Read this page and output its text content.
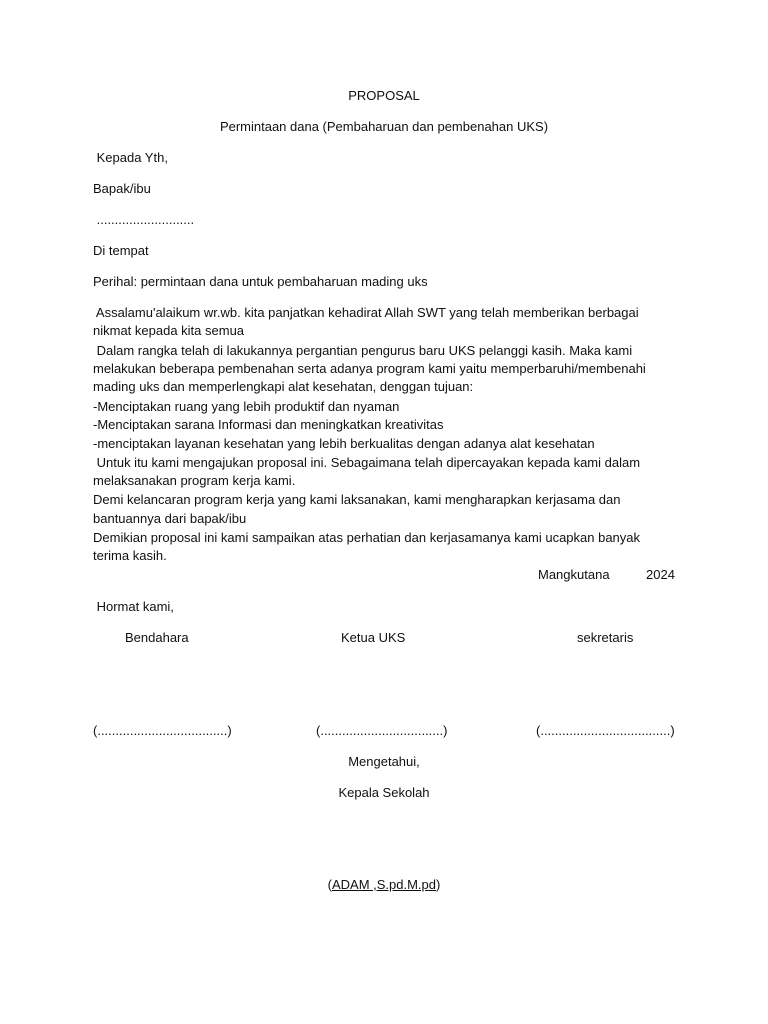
PROPOSAL
Permintaan dana (Pembaharuan dan pembenahan UKS)
Kepada Yth,
Bapak/ibu
...........................
Di tempat
Perihal: permintaan dana untuk pembaharuan mading uks
Assalamu'alaikum wr.wb. kita panjatkan kehadirat Allah SWT yang telah memberikan berbagai
nikmat kepada kita semua
Dalam rangka telah di lakukannya pergantian pengurus baru UKS pelanggi kasih. Maka kami
melakukan beberapa pembenahan serta adanya program kami yaitu memperbaruhi/membenahi
mading uks dan memperlengkapi alat kesehatan, denggan tujuan:
-Menciptakan ruang yang lebih produktif dan nyaman
-Menciptakan sarana Informasi dan meningkatkan kreativitas
-menciptakan layanan kesehatan yang lebih berkualitas dengan adanya alat kesehatan
Untuk itu kami mengajukan proposal ini. Sebagaimana telah dipercayakan kepada kami dalam
melaksanakan program kerja kami.
Demi kelancaran program kerja yang kami laksanakan, kami mengharapkan kerjasama dan
bantuannya dari bapak/ibu
Demikian proposal ini kami sampaikan atas perhatian dan kerjasamanya kami ucapkan banyak
terima kasih.
Mangkutana	2024
Hormat kami,
Bendahara	Ketua UKS	sekretaris
(....................................)	(..................................)	(....................................)
Mengetahui,
Kepala Sekolah
(ADAM ,S.pd.M.pd)
